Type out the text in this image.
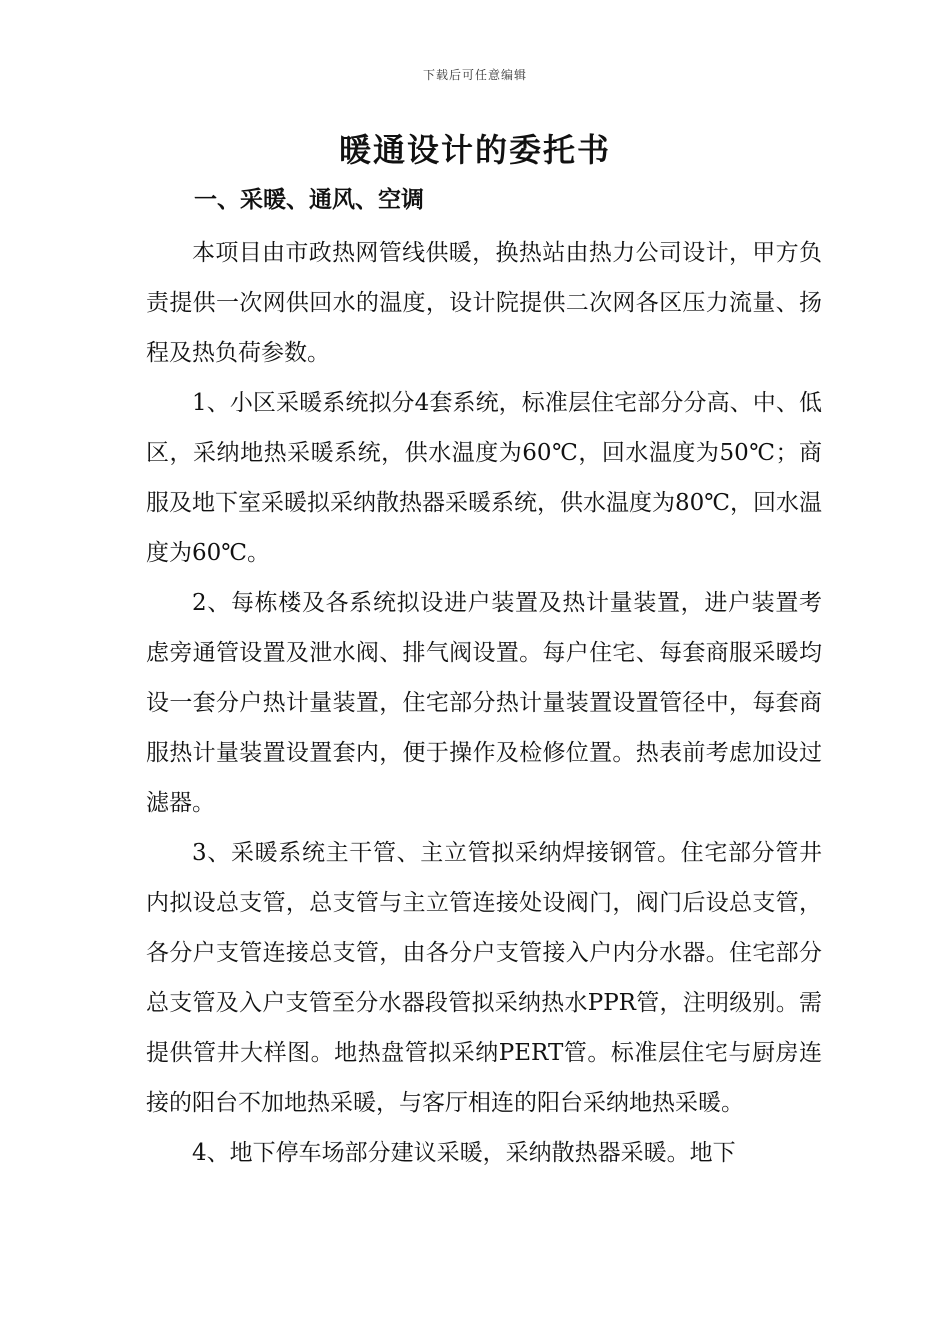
下载后可任意编辑
暖通设计的委托书
一、采暖、通风、空调

本项目由市政热网管线供暖，换热站由热力公司设计，甲方负责提供一次网供回水的温度，设计院提供二次网各区压力流量、扬程及热负荷参数。

1、小区采暖系统拟分4套系统，标准层住宅部分分高、中、低区，采纳地热采暖系统，供水温度为60℃，回水温度为50℃；商服及地下室采暖拟采纳散热器采暖系统，供水温度为80℃，回水温度为60℃。

2、每栋楼及各系统拟设进户装置及热计量装置，进户装置考虑旁通管设置及泄水阀、排气阀设置。每户住宅、每套商服采暖均设一套分户热计量装置，住宅部分热计量装置设置管径中，每套商服热计量装置设置套内，便于操作及检修位置。热表前考虑加设过滤器。

3、采暖系统主干管、主立管拟采纳焊接钢管。住宅部分管井内拟设总支管，总支管与主立管连接处设阀门，阀门后设总支管，各分户支管连接总支管，由各分户支管接入户内分水器。住宅部分总支管及入户支管至分水器段管拟采纳热水PPR管，注明级别。需提供管井大样图。地热盘管拟采纳PERT管。标准层住宅与厨房连接的阳台不加地热采暖，与客厅相连的阳台采纳地热采暖。

4、地下停车场部分建议采暖，采纳散热器采暖。地下
